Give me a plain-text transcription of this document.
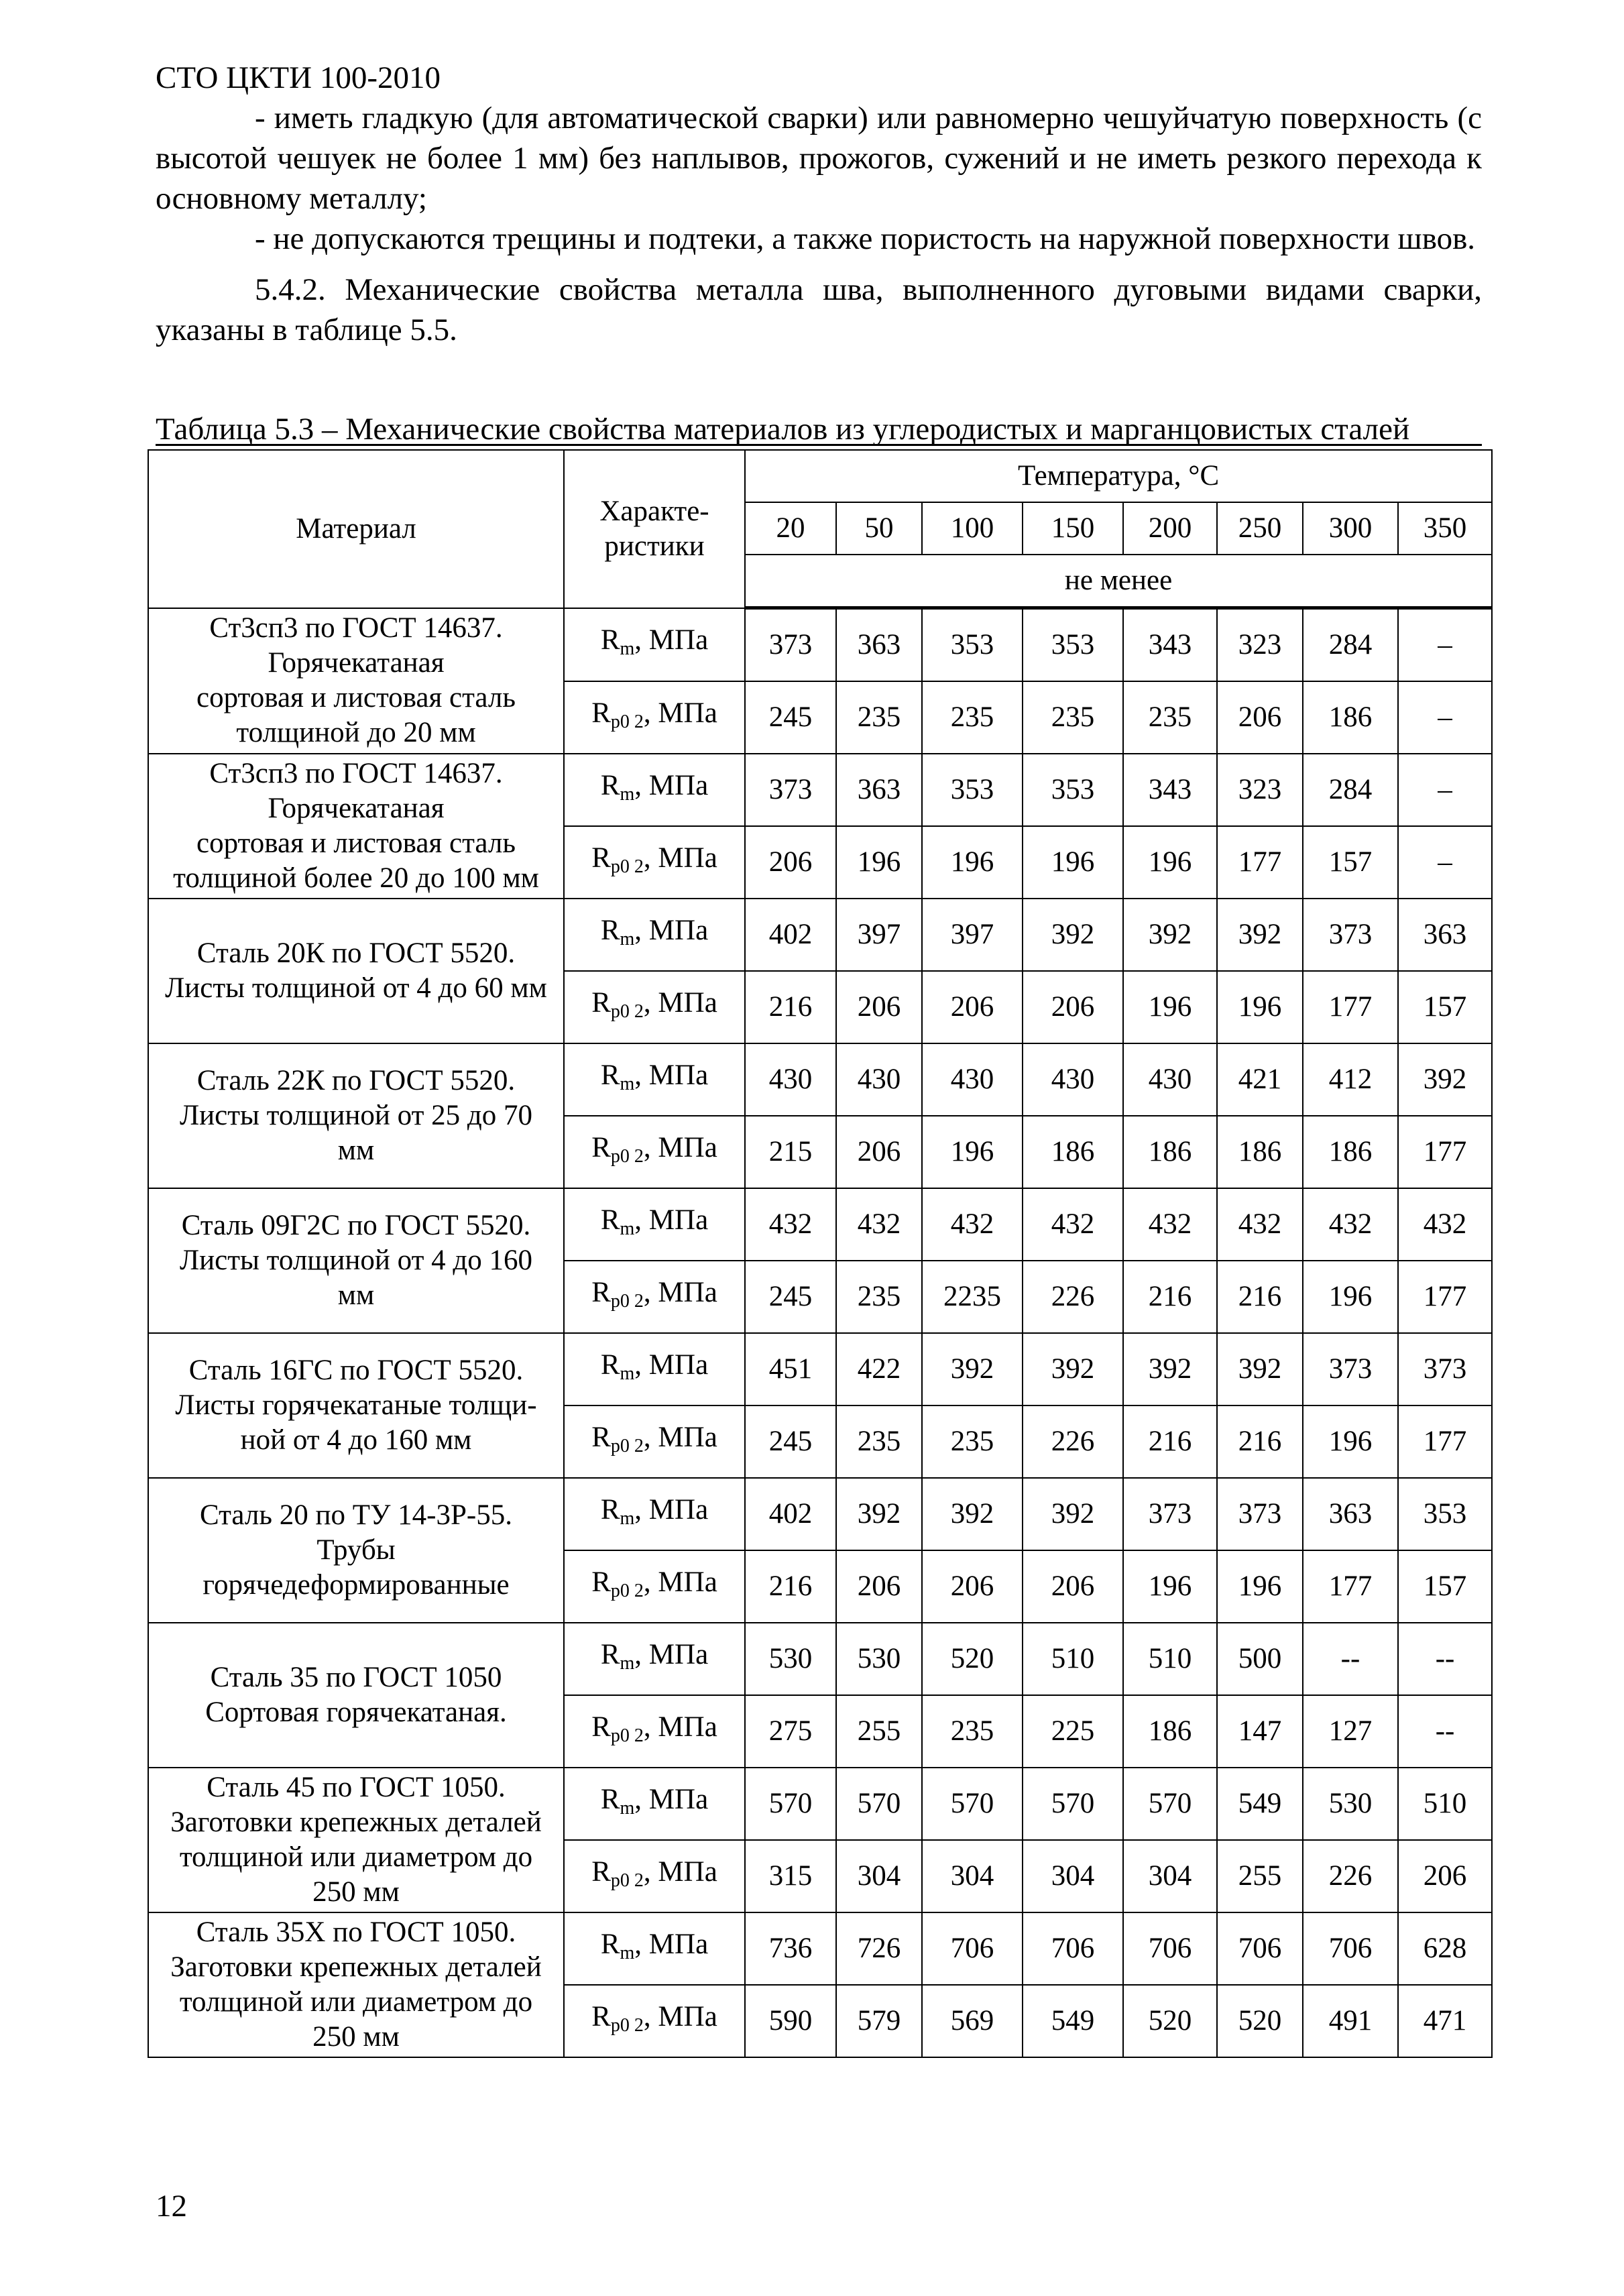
СТО ЦКТИ 100-2010

- иметь гладкую (для автоматической сварки) или равномерно чешуйчатую поверхность (с высотой чешуек не более 1 мм) без наплывов, прожогов, сужений и не иметь резкого перехода к основному металлу;

- не допускаются трещины и подтеки, а также пористость на наружной поверхности швов.

5.4.2. Механические свойства металла шва, выполненного дуговыми видами сварки, указаны в таблице 5.5.

Таблица 5.3 – Механические свойства материалов из углеродистых и марганцовистых сталей
Материал	Характе-ристики	Температура, °С							
		20	50	100	150	200	250	300	350
		не менее							

Ст3сп3 по ГОСТ 14637.
Горячекатаная
сортовая и листовая сталь
толщиной до 20 мм	$R_m$, МПа	373	363	353	353	343	323	284	–
	$R_{p0 2}$, МПа	245	235	235	235	235	206	186	–

Ст3сп3 по ГОСТ 14637.
Горячекатаная
сортовая и листовая сталь
толщиной более 20 до 100 мм	$R_m$, МПа	373	363	353	353	343	323	284	–
	$R_{p0 2}$, МПа	206	196	196	196	196	177	157	–

Сталь 20К по ГОСТ 5520.
Листы толщиной от 4 до 60 мм	$R_m$, МПа	402	397	397	392	392	392	373	363
	$R_{p0 2}$, МПа	216	206	206	206	196	196	177	157

Сталь 22К по ГОСТ 5520.
Листы толщиной от 25 до 70
мм	$R_m$, МПа	430	430	430	430	430	421	412	392
	$R_{p0 2}$, МПа	215	206	196	186	186	186	186	177

Сталь 09Г2С по ГОСТ 5520.
Листы толщиной от 4 до 160
мм	$R_m$, МПа	432	432	432	432	432	432	432	432
	$R_{p0 2}$, МПа	245	235	2235	226	216	216	196	177

Сталь 16ГС по ГОСТ 5520.
Листы горячекатаные толщи-
ной от 4 до 160 мм	$R_m$, МПа	451	422	392	392	392	392	373	373
	$R_{p0 2}$, МПа	245	235	235	226	216	216	196	177

Сталь 20 по ТУ 14-3Р-55.
Трубы
горячедеформированные	$R_m$, МПа	402	392	392	392	373	373	363	353
	$R_{p0 2}$, МПа	216	206	206	206	196	196	177	157

Сталь 35 по ГОСТ 1050
Сортовая горячекатаная.	$R_m$, МПа	530	530	520	510	510	500	--	--
	$R_{p0 2}$, МПа	275	255	235	225	186	147	127	--

Сталь 45 по ГОСТ 1050.
Заготовки крепежных деталей
толщиной или диаметром до
250 мм	$R_m$, МПа	570	570	570	570	570	549	530	510
	$R_{p0 2}$, МПа	315	304	304	304	304	255	226	206

Сталь 35Х по ГОСТ 1050.
Заготовки крепежных деталей
толщиной или диаметром до
250 мм	$R_m$, МПа	736	726	706	706	706	706	706	628
	$R_{p0 2}$, МПа	590	579	569	549	520	520	491	471
12
